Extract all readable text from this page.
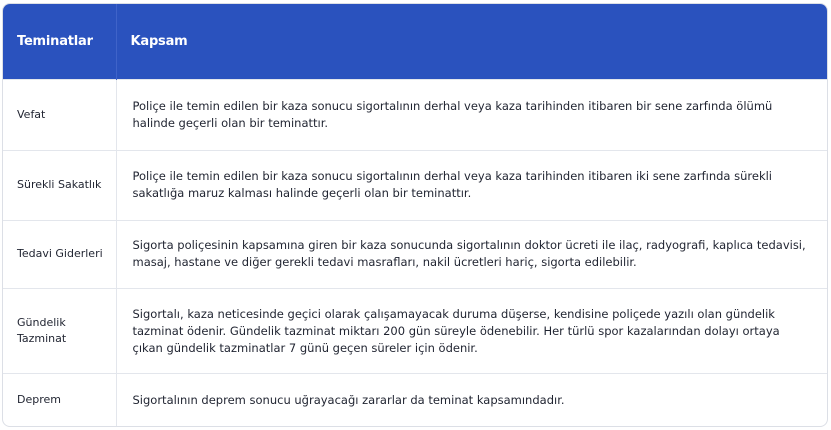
Teminatlar	Kapsam
Vefat	Poliçe ile temin edilen bir kaza sonucu sigortalının derhal veya kaza tarihinden itibaren bir sene zarfında ölümü halinde geçerli olan bir teminattır.
Sürekli Sakatlık	Poliçe ile temin edilen bir kaza sonucu sigortalının derhal veya kaza tarihinden itibaren iki sene zarfında sürekli sakatlığa maruz kalması halinde geçerli olan bir teminattır.
Tedavi Giderleri	Sigorta poliçesinin kapsamına giren bir kaza sonucunda sigortalının doktor ücreti ile ilaç, radyografi, kaplıca tedavisi, masaj, hastane ve diğer gerekli tedavi masrafları, nakil ücretleri hariç, sigorta edilebilir.
Gündelik Tazminat	Sigortalı, kaza neticesinde geçici olarak çalışamayacak duruma düşerse, kendisine poliçede yazılı olan gündelik tazminat ödenir. Gündelik tazminat miktarı 200 gün süreyle ödenebilir. Her türlü spor kazalarından dolayı ortaya çıkan gündelik tazminatlar 7 günü geçen süreler için ödenir.
Deprem	Sigortalının deprem sonucu uğrayacağı zararlar da teminat kapsamındadır.
